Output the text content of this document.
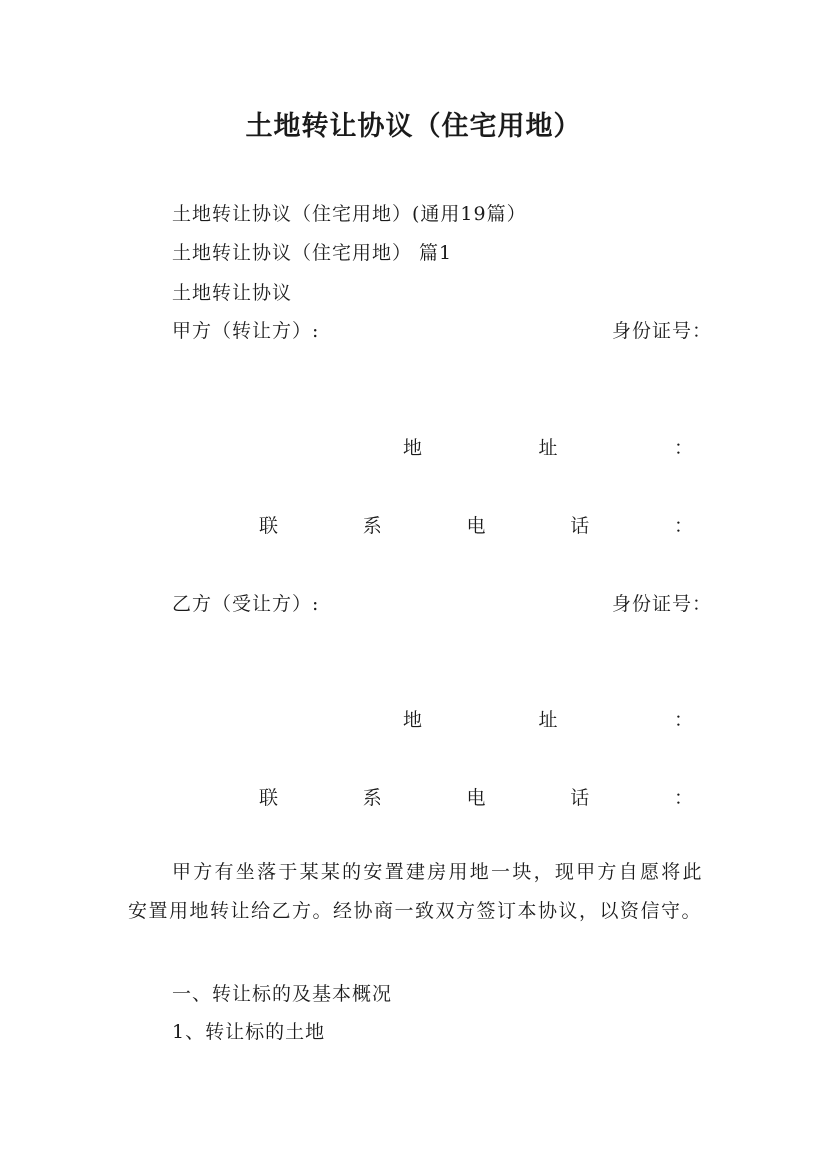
土地转让协议（住宅用地）
土地转让协议（住宅用地）(通用19篇）
土地转让协议（住宅用地） 篇1
土地转让协议
甲方（转让方）:	身份证号：
地	址	：
联	系	电	话	：
乙方（受让方）:	身份证号：
地	址	：
联	系	电	话	：

甲方有坐落于某某的安置建房用地一块，现甲方自愿将此安置用地转让给乙方。经协商一致双方签订本协议，以资信守。

一、转让标的及基本概况
1、转让标的土地
